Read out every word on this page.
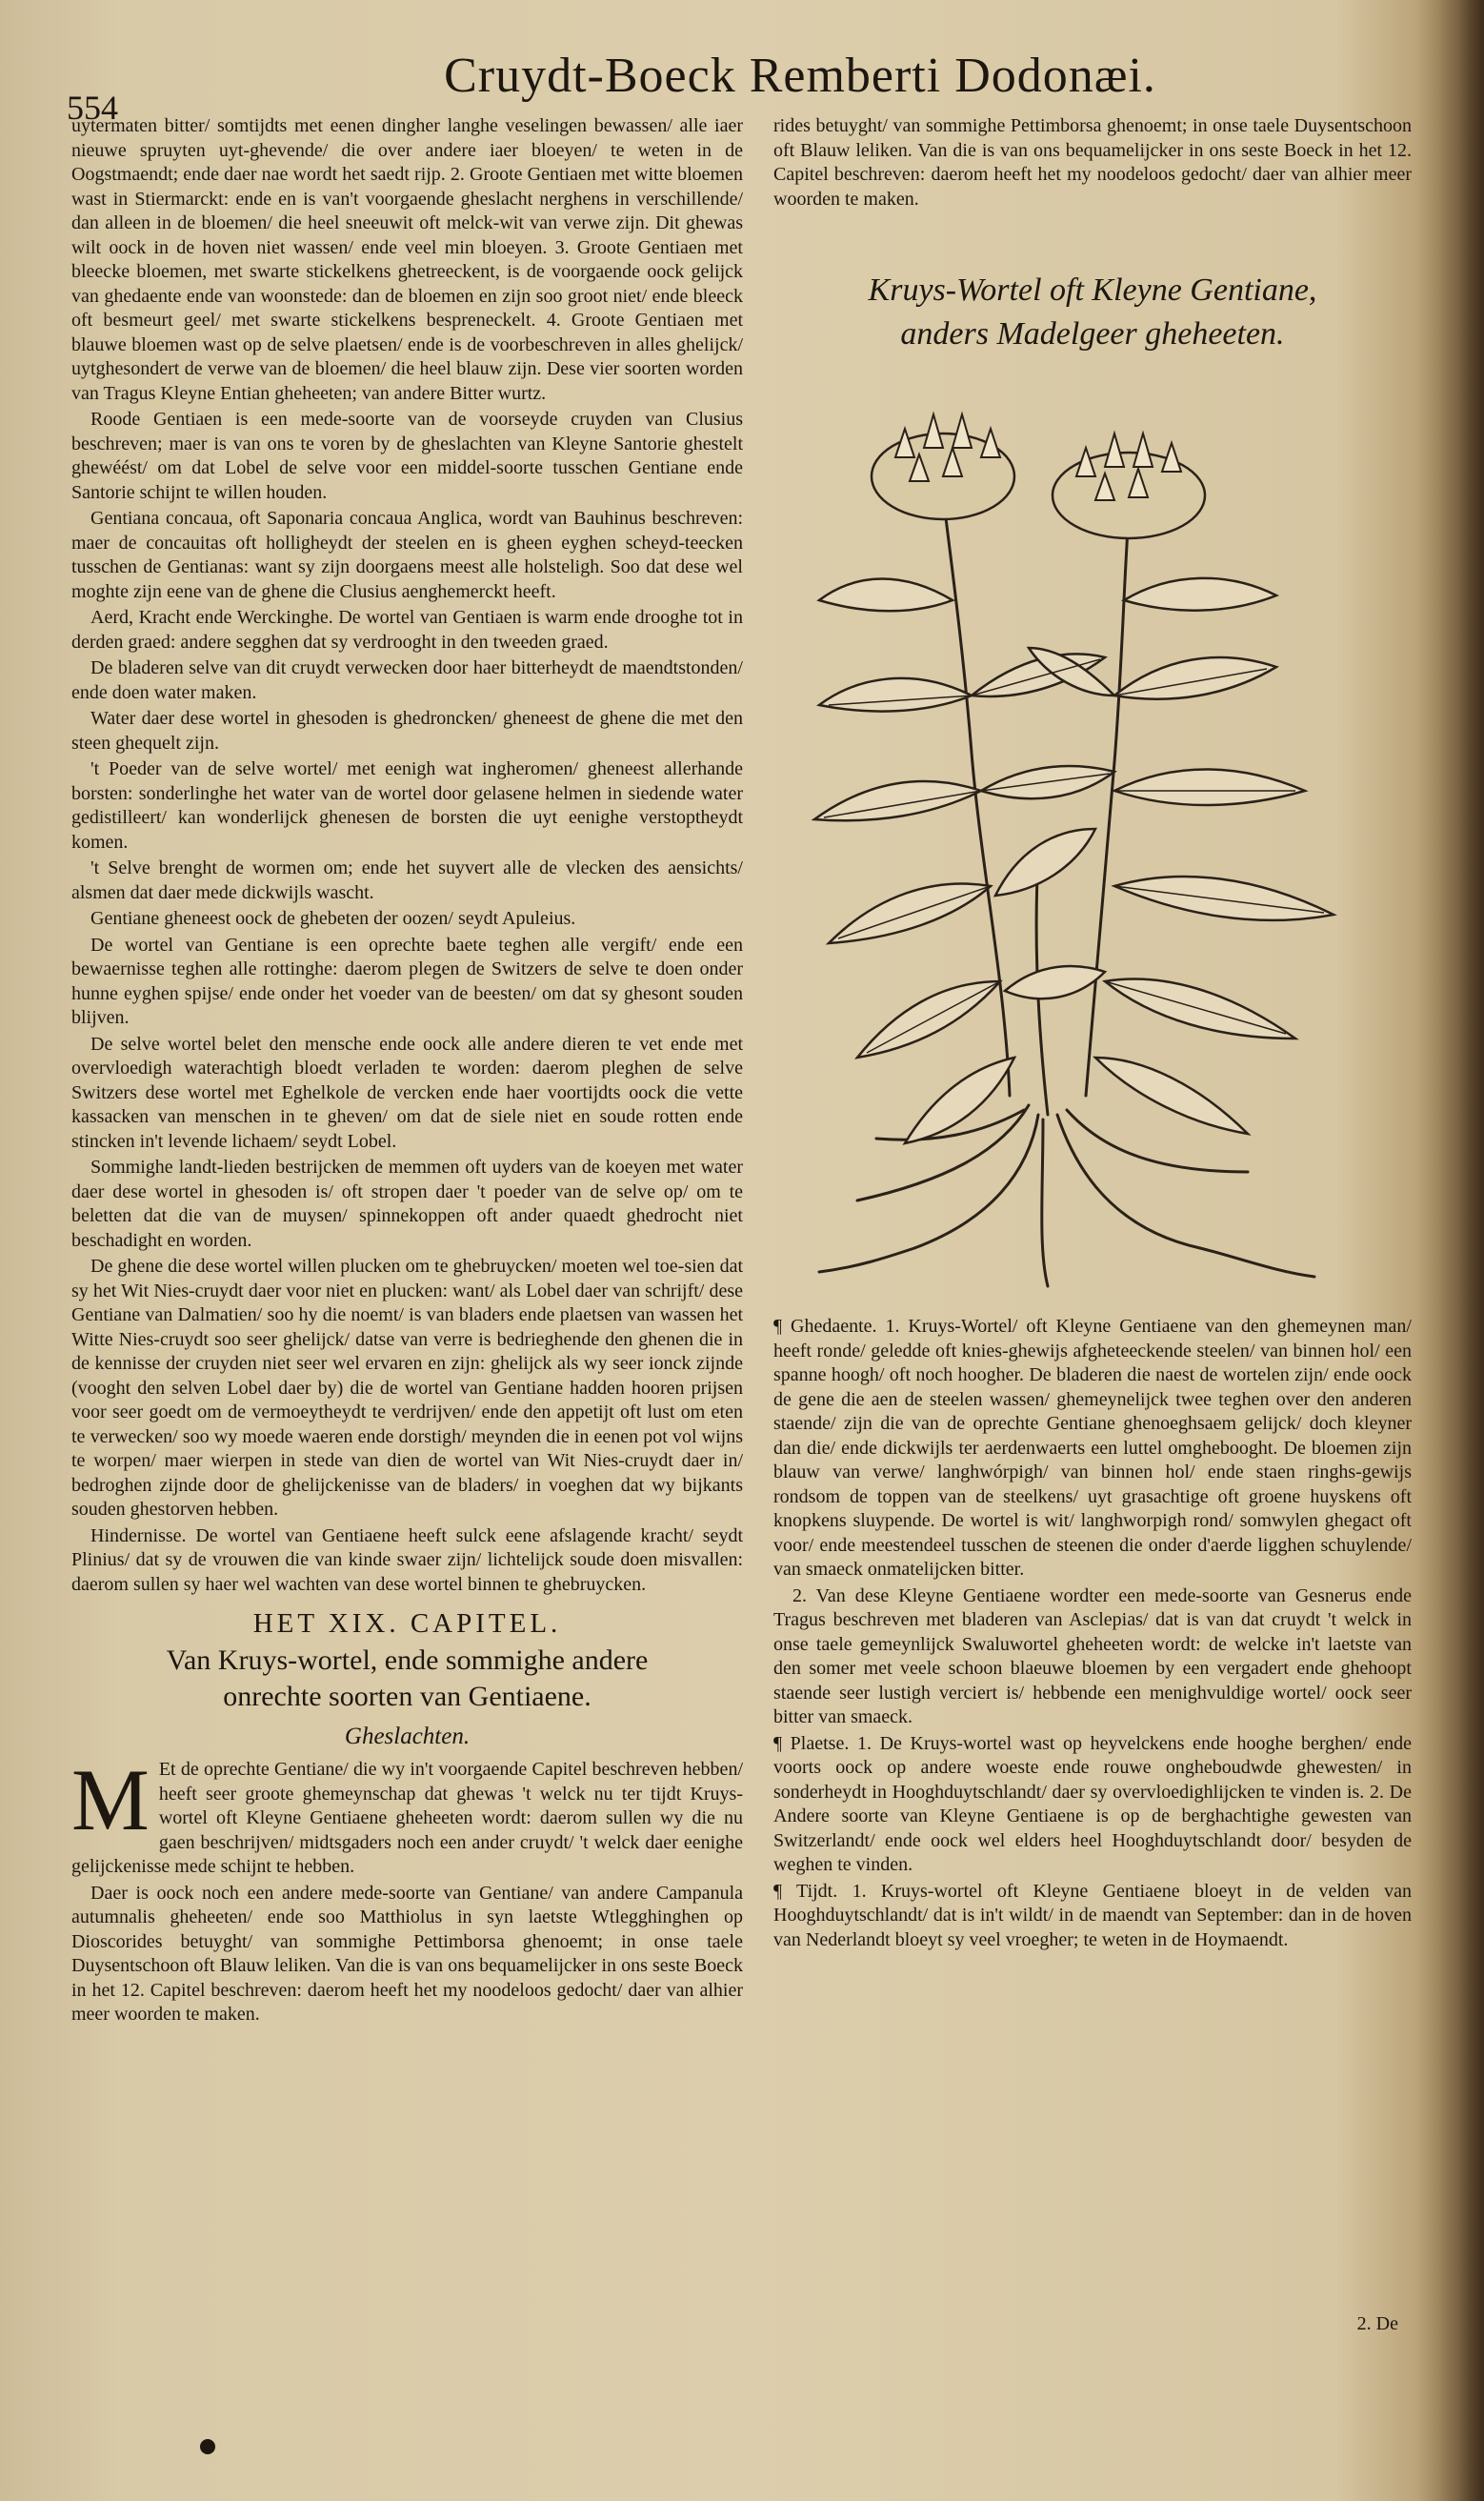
554
Cruydt-Boeck Remberti Dodonæi.

uytermaten bitter/ somtijdts met eenen dingher langhe veselingen bewassen/ alle iaer nieuwe spruyten uyt-ghevende/ die over andere iaer bloeyen/ te weten in de Oogstmaendt; ende daer nae wordt het saedt rijp. 2. Groote Gentiaen met witte bloemen wast in Stiermarckt: ende en is van't voorgaende gheslacht nerghens in verschillende/ dan alleen in de bloemen/ die heel sneeuwit oft melck-wit van verwe zijn. Dit ghewas wilt oock in de hoven niet wassen/ ende veel min bloeyen. 3. Groote Gentiaen met bleecke bloemen, met swarte stickelkens ghetreeckent, is de voorgaende oock gelijck van ghedaente ende van woonstede: dan de bloemen en zijn soo groot niet/ ende bleeck oft besmeurt geel/ met swarte stickelkens bespreneckelt. 4. Groote Gentiaen met blauwe bloemen wast op de selve plaetsen/ ende is de voorbeschreven in alles ghelijck/ uytghesondert de verwe van de bloemen/ die heel blauw zijn. Dese vier soorten worden van Tragus Kleyne Entian gheheeten; van andere Bitter wurtz.

Roode Gentiaen is een mede-soorte van de voorseyde cruyden van Clusius beschreven; maer is van ons te voren by de gheslachten van Kleyne Santorie ghestelt ghewéést/ om dat Lobel de selve voor een middel-soorte tusschen Gentiane ende Santorie schijnt te willen houden.

Gentiana concaua, oft Saponaria concaua Anglica, wordt van Bauhinus beschreven: maer de concauitas oft holligheydt der steelen en is gheen eyghen scheyd-teecken tusschen de Gentianas: want sy zijn doorgaens meest alle holsteligh. Soo dat dese wel moghte zijn eene van de ghene die Clusius aenghemerckt heeft.

Aerd, Kracht ende Werckinghe. De wortel van Gentiaen is warm ende drooghe tot in derden graed: andere segghen dat sy verdrooght in den tweeden graed.

De bladeren selve van dit cruydt verwecken door haer bitterheydt de maendtstonden/ ende doen water maken.

Water daer dese wortel in ghesoden is ghedroncken/ gheneest de ghene die met den steen ghequelt zijn.

't Poeder van de selve wortel/ met eenigh wat ingheromen/ gheneest allerhande borsten: sonderlinghe het water van de wortel door gelasene helmen in siedende water gedistilleert/ kan wonderlijck ghenesen de borsten die uyt eenighe verstoptheydt komen.

't Selve brenght de wormen om; ende het suyvert alle de vlecken des aensichts/ alsmen dat daer mede dickwijls wascht.

Gentiane gheneest oock de ghebeten der oozen/ seydt Apuleius.

De wortel van Gentiane is een oprechte baete teghen alle vergift/ ende een bewaernisse teghen alle rottinghe: daerom plegen de Switzers de selve te doen onder hunne eyghen spijse/ ende onder het voeder van de beesten/ om dat sy ghesont souden blijven.

De selve wortel belet den mensche ende oock alle andere dieren te vet ende met overvloedigh waterachtigh bloedt verladen te worden: daerom pleghen de selve Switzers dese wortel met Eghelkole de vercken ende haer voortijdts oock die vette kassacken van menschen in te gheven/ om dat de siele niet en soude rotten ende stincken in't levende lichaem/ seydt Lobel.

Sommighe landt-lieden bestrijcken de memmen oft uyders van de koeyen met water daer dese wortel in ghesoden is/ oft stropen daer 't poeder van de selve op/ om te beletten dat die van de muysen/ spinnekoppen oft ander quaedt ghedrocht niet beschadight en worden.

De ghene die dese wortel willen plucken om te ghebruycken/ moeten wel toe-sien dat sy het Wit Nies-cruydt daer voor niet en plucken: want/ als Lobel daer van schrijft/ dese Gentiane van Dalmatien/ soo hy die noemt/ is van bladers ende plaetsen van wassen het Witte Nies-cruydt soo seer ghelijck/ datse van verre is bedrieghende den ghenen die in de kennisse der cruyden niet seer wel ervaren en zijn: ghelijck als wy seer ionck zijnde (vooght den selven Lobel daer by) die de wortel van Gentiane hadden hooren prijsen voor seer goedt om de vermoeytheydt te verdrijven/ ende den appetijt oft lust om eten te verwecken/ soo wy moede waeren ende dorstigh/ meynden die in eenen pot vol wijns te worpen/ maer wierpen in stede van dien de wortel van Wit Nies-cruydt daer in/ bedroghen zijnde door de ghelijckenisse van de bladers/ in voeghen dat wy bijkants souden ghestorven hebben.

Hindernisse. De wortel van Gentiaene heeft sulck eene afslagende kracht/ seydt Plinius/ dat sy de vrouwen die van kinde swaer zijn/ lichtelijck soude doen misvallen: daerom sullen sy haer wel wachten van dese wortel binnen te ghebruycken.

HET XIX. CAPITEL.
Van Kruys-wortel, ende sommighe andere onrechte soorten van Gentiaene.
Gheslachten.

M Et de oprechte Gentiane/ die wy in't voorgaende Capitel beschreven hebben/ heeft seer groote ghemeynschap dat ghewas 't welck nu ter tijdt Kruys-wortel oft Kleyne Gentiaene gheheeten wordt: daerom sullen wy die nu gaen beschrijven/ midtsgaders noch een ander cruydt/ 't welck daer eenighe gelijckenisse mede schijnt te hebben.

Daer is oock noch een andere mede-soorte van Gentiane/ van andere Campanula autumnalis gheheeten/ ende soo Matthiolus in syn laetste Wtlegghinghen op Dioscorides betuyght/ van sommighe Pettimborsa ghenoemt; in onse taele Duysentschoon oft Blauw leliken. Van die is van ons bequamelijcker in ons seste Boeck in het 12. Capitel beschreven: daerom heeft het my noodeloos gedocht/ daer van alhier meer woorden te maken.

rides betuyght/ van sommighe Pettimborsa ghenoemt; in onse taele Duysentschoon oft Blauw leliken. Van die is van ons bequamelijcker in ons seste Boeck in het 12. Capitel beschreven: daerom heeft het my noodeloos gedocht/ daer van alhier meer woorden te maken.

Kruys-Wortel oft Kleyne Gentiane,
anders Madelgeer gheheeten.

¶ Ghedaente. 1. Kruys-Wortel/ oft Kleyne Gentiaene van den ghemeynen man/ heeft ronde/ geledde oft knies-ghewijs afgheteeckende steelen/ van binnen hol/ een spanne hoogh/ oft noch hoogher. De bladeren die naest de wortelen zijn/ ende oock de gene die aen de steelen wassen/ ghemeynelijck twee teghen over den anderen staende/ zijn die van de oprechte Gentiane ghenoeghsaem gelijck/ doch kleyner dan die/ ende dickwijls ter aerdenwaerts een luttel omghebooght. De bloemen zijn blauw van verwe/ langhwórpigh/ van binnen hol/ ende staen ringhs-gewijs rondsom de toppen van de steelkens/ uyt grasachtige oft groene huyskens oft knopkens sluypende. De wortel is wit/ langhworpigh rond/ somwylen ghegact oft voor/ ende meestendeel tusschen de steenen die onder d'aerde ligghen schuylende/ van smaeck onmatelijcken bitter.

2. Van dese Kleyne Gentiaene wordter een mede-soorte van Gesnerus ende Tragus beschreven met bladeren van Asclepias/ dat is van dat cruydt 't welck in onse taele gemeynlijck Swaluwortel gheheeten wordt: de welcke in't laetste van den somer met veele schoon blaeuwe bloemen by een vergadert ende ghehoopt staende seer lustigh verciert is/ hebbende een menighvuldige wortel/ oock seer bitter van smaeck.

¶ Plaetse. 1. De Kruys-wortel wast op heyvelckens ende hooghe berghen/ ende voorts oock op andere woeste ende rouwe ongheboudwde ghewesten/ in sonderheydt in Hooghduytschlandt/ daer sy overvloedighlijcken te vinden is. 2. De Andere soorte van Kleyne Gentiaene is op de berghachtighe gewesten van Switzerlandt/ ende oock wel elders heel Hooghduytschlandt door/ besyden de weghen te vinden.

¶ Tijdt. 1. Kruys-wortel oft Kleyne Gentiaene bloeyt in de velden van Hooghduytschlandt/ dat is in't wildt/ in de maendt van September: dan in de hoven van Nederlandt bloeyt sy veel vroegher; te weten in de Hoymaendt.

2. De
